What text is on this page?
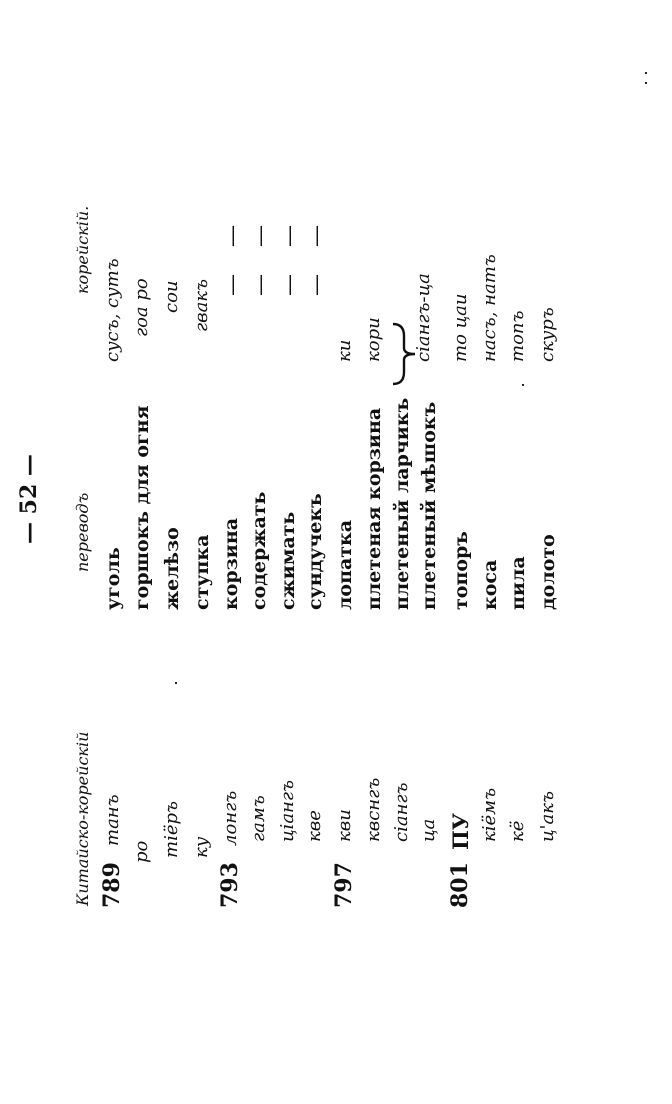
— 52 —
Китайско-корейскій
переводъ
корейскій.
789
танъ
уголь
сусъ, сутъ
ро
горшокъ для огня
гоа ро
тіёръ
желѣзо
сои
ку
ступка
гвакъ
793
лонгъ
корзина
— —
гамъ
содержать
— —
ціангъ
сжимать
— —
кве
сундучекъ
— —
797
кви
лопатка
ки
квснгъ
плетеная корзина
кори
сіангъ
плетеный ларчикъ
ца
плетеный мѣшокъ
сіангъ-ца
801
ПУ
топоръ
то цаи
кіёмъ
коса
насъ, натъ
кё
пила
топъ
ц'акъ
долото
скуръ
